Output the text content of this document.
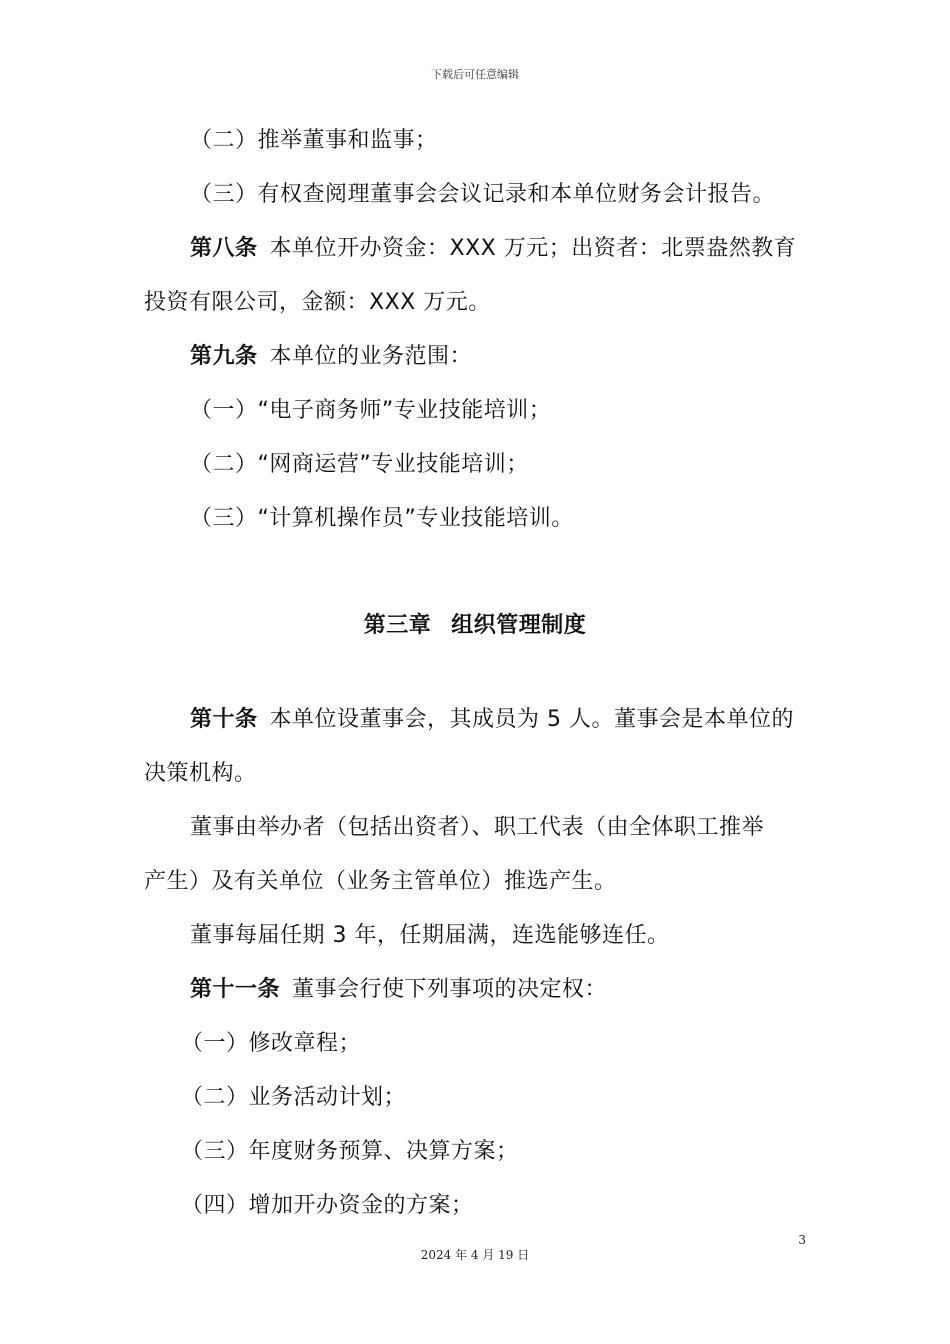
下载后可任意编辑
（二）推举董事和监事；
（三）有权查阅理董事会会议记录和本单位财务会计报告。
第八条 本单位开办资金：XXX 万元；出资者：北票盎然教育
投资有限公司，金额：XXX 万元。
第九条 本单位的业务范围：
（一）“电子商务师”专业技能培训；
（二）“网商运营”专业技能培训；
（三）“计算机操作员”专业技能培训。
第三章 组织管理制度
第十条 本单位设董事会，其成员为 5 人。董事会是本单位的
决策机构。
董事由举办者（包括出资者）、职工代表（由全体职工推举
产生）及有关单位（业务主管单位）推选产生。
董事每届任期 3 年，任期届满，连选能够连任。
第十一条 董事会行使下列事项的决定权：
（一）修改章程；
（二）业务活动计划；
（三）年度财务预算、决算方案；
（四）增加开办资金的方案；
3
2024 年 4 月 19 日
